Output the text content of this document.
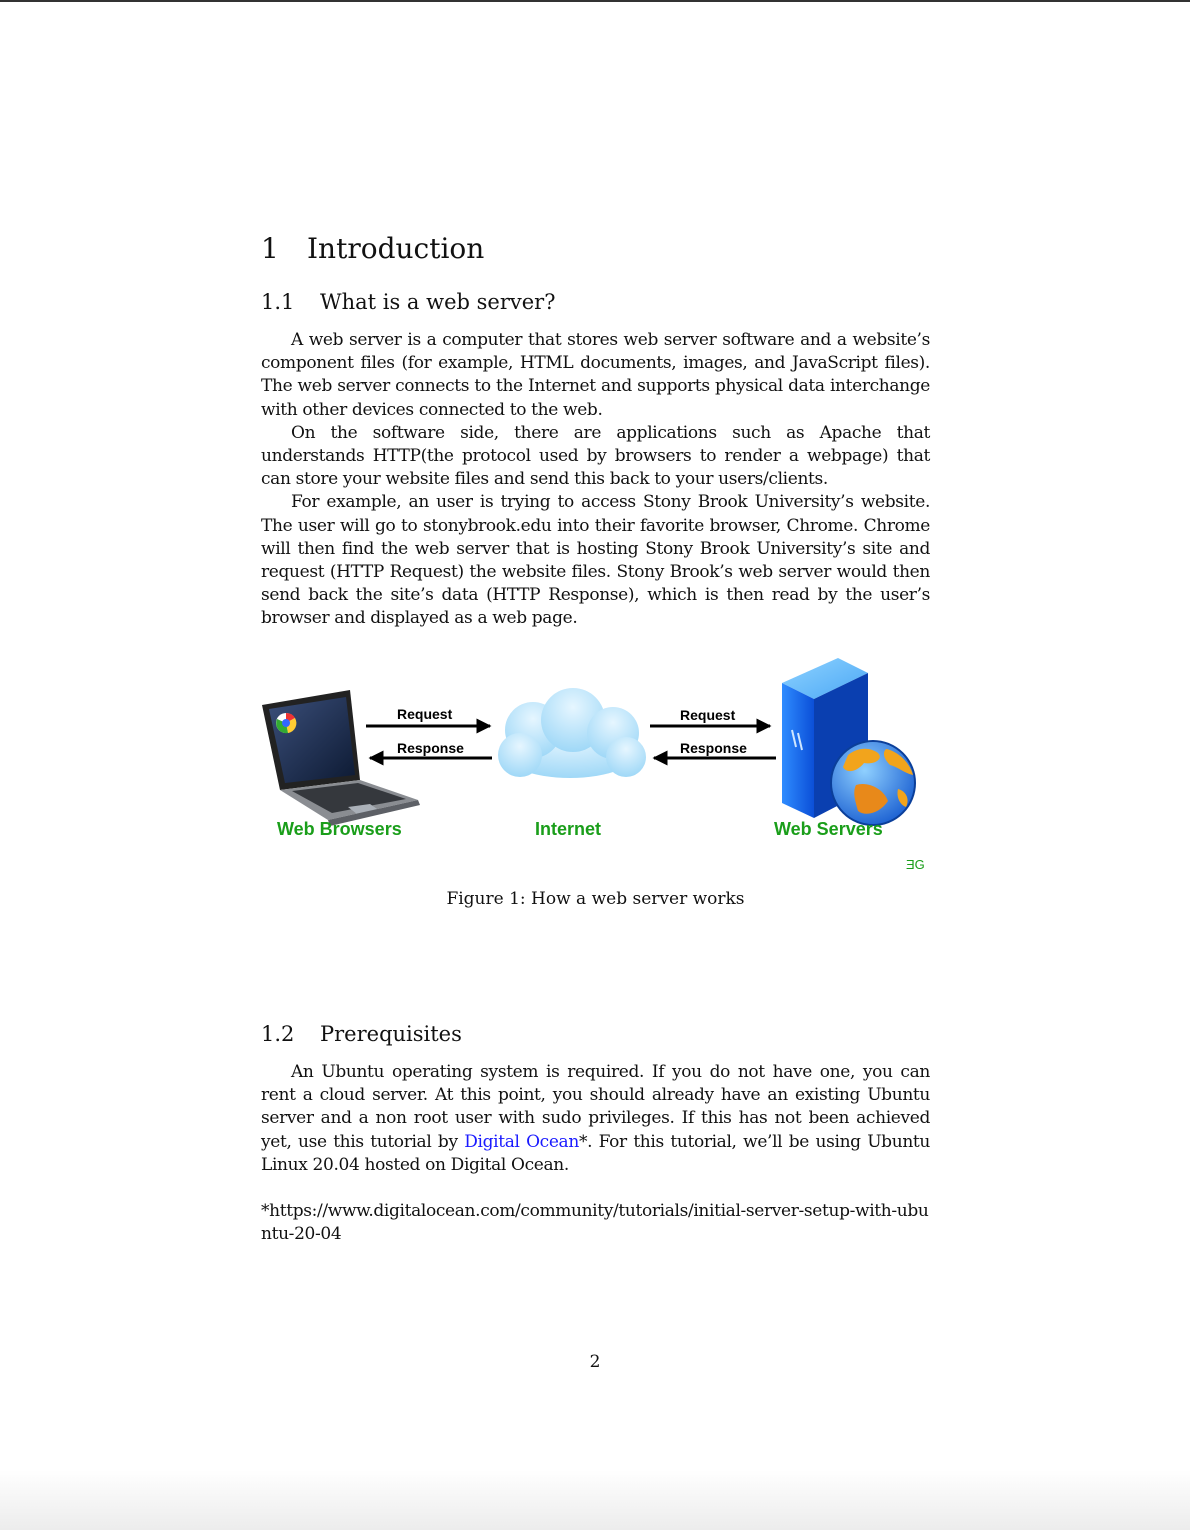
1 Introduction
1.1 What is a web server?

A web server is a computer that stores web server software and a website’s component files (for example, HTML documents, images, and JavaScript files). The web server connects to the Internet and supports physical data interchange with other devices connected to the web.

On the software side, there are applications such as Apache that understands HTTP(the protocol used by browsers to render a webpage) that can store your website files and send this back to your users/clients.

For example, an user is trying to access Stony Brook University’s website. The user will go to stonybrook.edu into their favorite browser, Chrome. Chrome will then find the web server that is hosting Stony Brook University’s site and request (HTTP Request) the website files. Stony Brook’s web server would then send back the site’s data (HTTP Response), which is then read by the user’s browser and displayed as a web page.

Request
Response
Request
Response
Web Browsers	Internet	Web Servers
ƎG
Figure 1: How a web server works
1.2 Prerequisites

An Ubuntu operating system is required. If you do not have one, you can rent a cloud server. At this point, you should already have an existing Ubuntu server and a non root user with sudo privileges. If this has not been achieved yet, use this tutorial by Digital Ocean*. For this tutorial, we’ll be using Ubuntu Linux 20.04 hosted on Digital Ocean.

*https://www.digitalocean.com/community/tutorials/initial-server-setup-with-ubuntu-20-04

2
